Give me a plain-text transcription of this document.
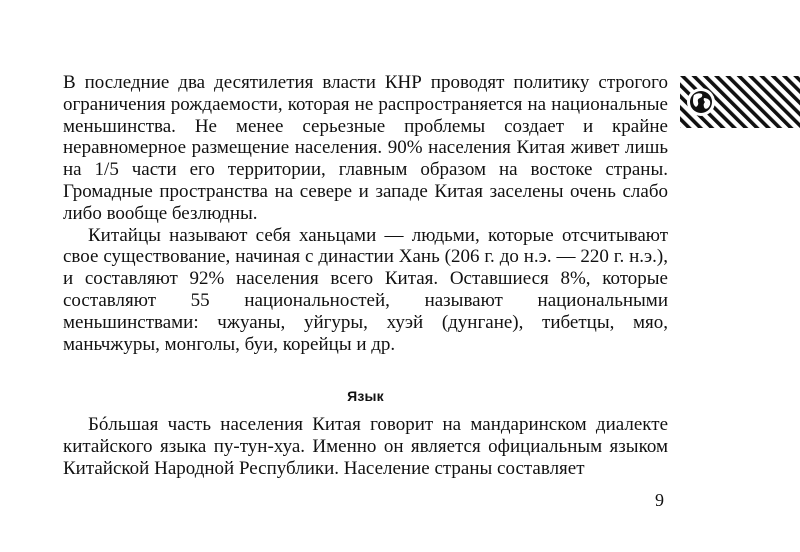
В последние два десятилетия власти КНР проводят политику строгого ограничения рождаемости, которая не распространяется на национальные меньшинства. Не менее серьезные проблемы создает и крайне неравномерное размещение населения. 90% населения Китая живет лишь на 1/5 части его территории, главным образом на востоке страны. Громадные пространства на севере и западе Китая заселены очень слабо либо вообще безлюдны.

Китайцы называют себя ханьцами — людьми, которые отсчитывают свое существование, начиная с династии Хань (206 г. до н.э. — 220 г. н.э.), и составляют 92% населения всего Китая. Оставшиеся 8%, которые составляют 55 национальностей, называют национальными меньшинствами: чжуаны, уйгуры, хуэй (дунгане), тибетцы, мяо, маньчжуры, монголы, буи, корейцы и др.

Язык

Бóльшая часть населения Китая говорит на мандаринском диалекте китайского языка пу-тун-хуа. Именно он является официальным языком Китайской Народной Республики. Население страны составляет

9
